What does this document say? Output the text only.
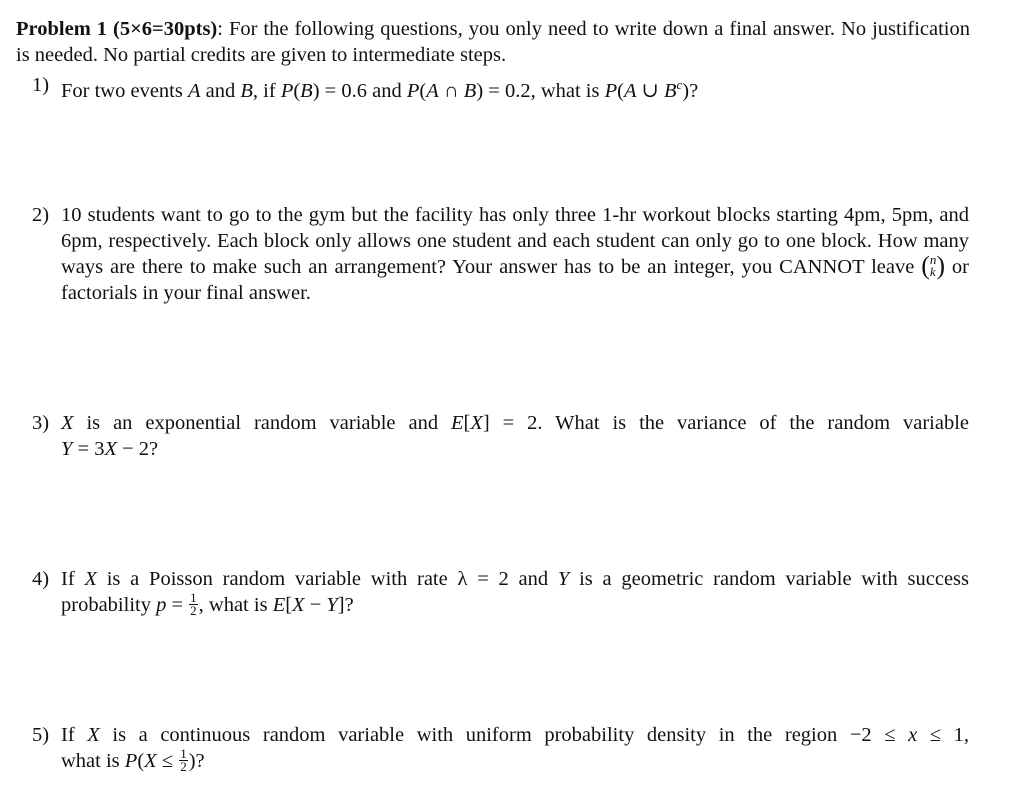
Problem 1 (5×6=30pts): For the following questions, you only need to write down a final answer. No justification is needed. No partial credits are given to intermediate steps.
1) For two events A and B, if P(B) = 0.6 and P(A ∩ B) = 0.2, what is P(A ∪ $B^c$)?
2) 10 students want to go to the gym but the facility has only three 1-hr workout blocks starting 4pm, 5pm, and 6pm, respectively. Each block only allows one student and each student can only go to one block. How many ways are there to make such an arrangement? Your answer has to be an integer, you CANNOT leave ( n
k ) or factorials in your final answer.
3) X is an exponential random variable and E[X] = 2. What is the variance of the random variable
Y = 3X − 2?
4) If X is a Poisson random variable with rate λ = 2 and Y is a geometric random variable with success
probability $p = \frac{1}{2}$ , what is E[X − Y]?
5) If X is a continuous random variable with uniform probability density in the region −2 ≤ x ≤ 1,
what is $P(X \le \frac{1}{2}$ )?
